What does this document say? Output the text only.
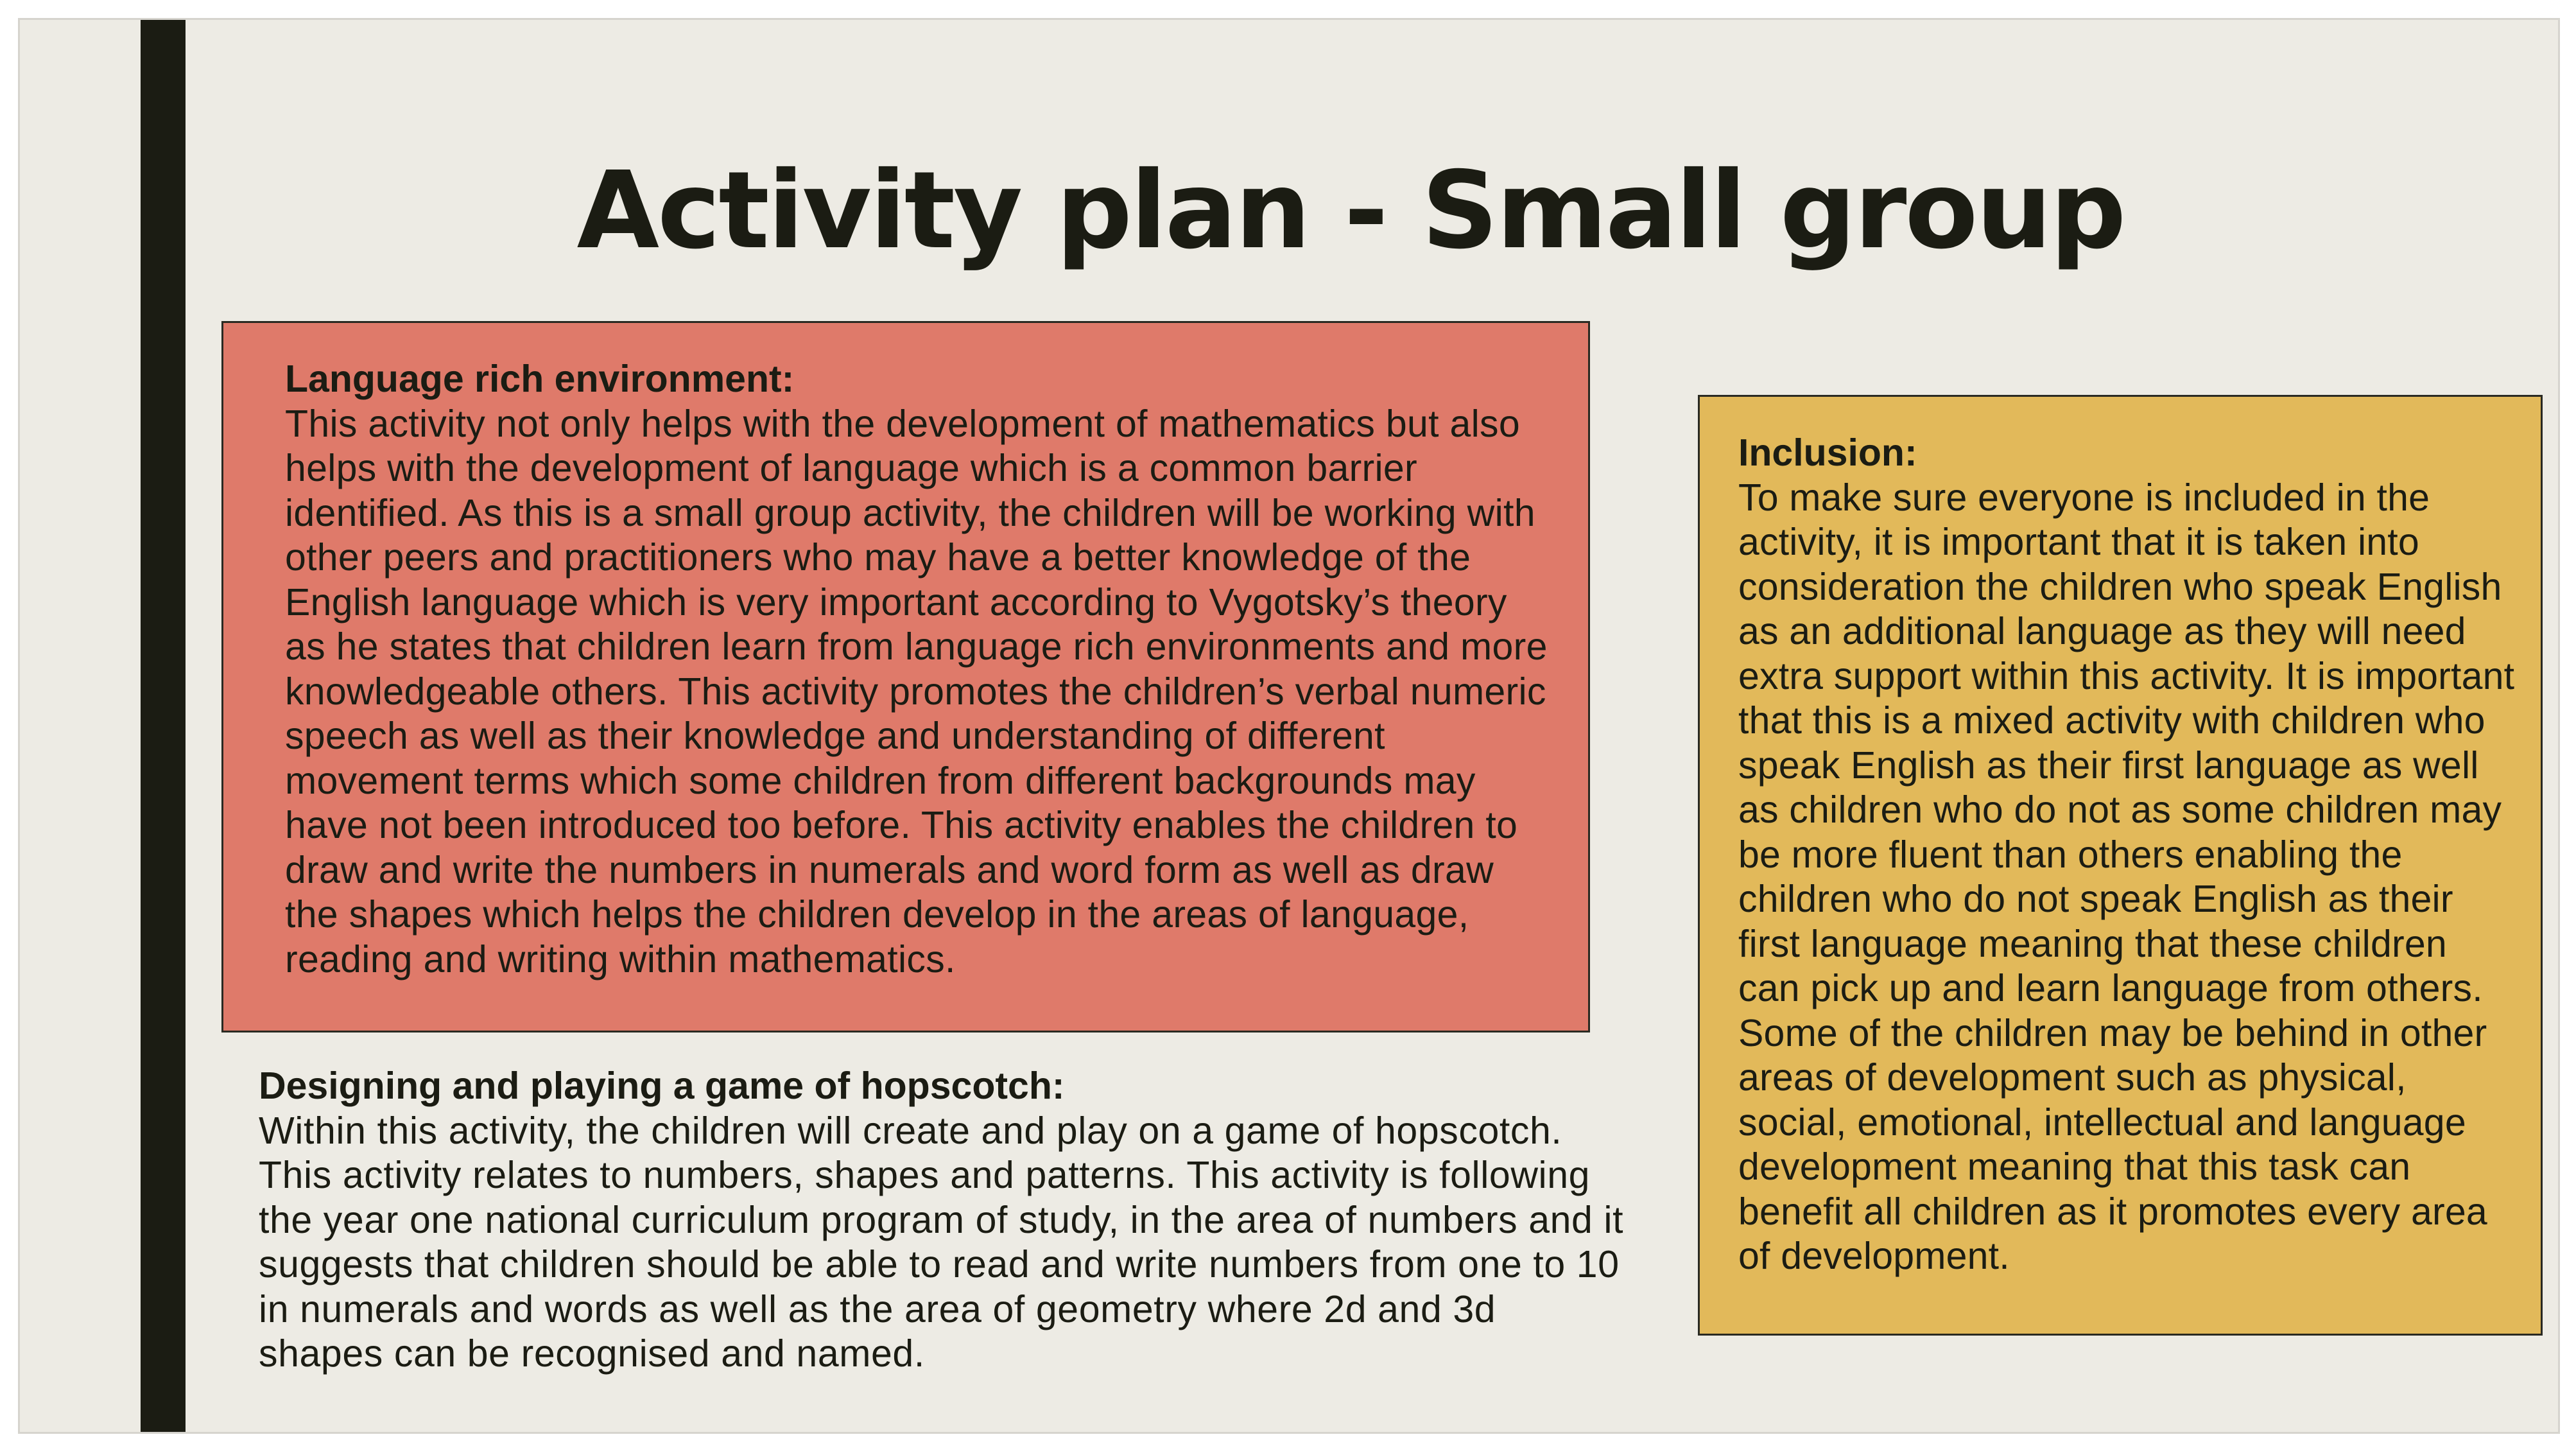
Activity plan - Small group

Language rich environment:

This activity not only helps with the development of mathematics but also helps with the development of language which is a common barrier identified. As this is a small group activity, the children will be working with other peers and practitioners who may have a better knowledge of the English language which is very important according to Vygotsky’s theory as he states that children learn from language rich environments and more knowledgeable others. This activity promotes the children’s verbal numeric speech as well as their knowledge and understanding of different movement terms which some children from different backgrounds may have not been introduced too before. This activity enables the children to draw and write the numbers in numerals and word form as well as draw the shapes which helps the children develop in the areas of language, reading and writing within mathematics.

Designing and playing a game of hopscotch:

Within this activity, the children will create and play on a game of hopscotch. This activity relates to numbers, shapes and patterns. This activity is following the year one national curriculum program of study, in the area of numbers and it suggests that children should be able to read and write numbers from one to 10 in numerals and words as well as the area of geometry where 2d and 3d shapes can be recognised and named.

Inclusion:

To make sure everyone is included in the activity, it is important that it is taken into consideration the children who speak English as an additional language as they will need extra support within this activity. It is important that this is a mixed activity with children who speak English as their first language as well as children who do not as some children may be more fluent than others enabling the children who do not speak English as their first language meaning that these children can pick up and learn language from others. Some of the children may be behind in other areas of development such as physical, social, emotional, intellectual and language development meaning that this task can benefit all children as it promotes every area of development.
